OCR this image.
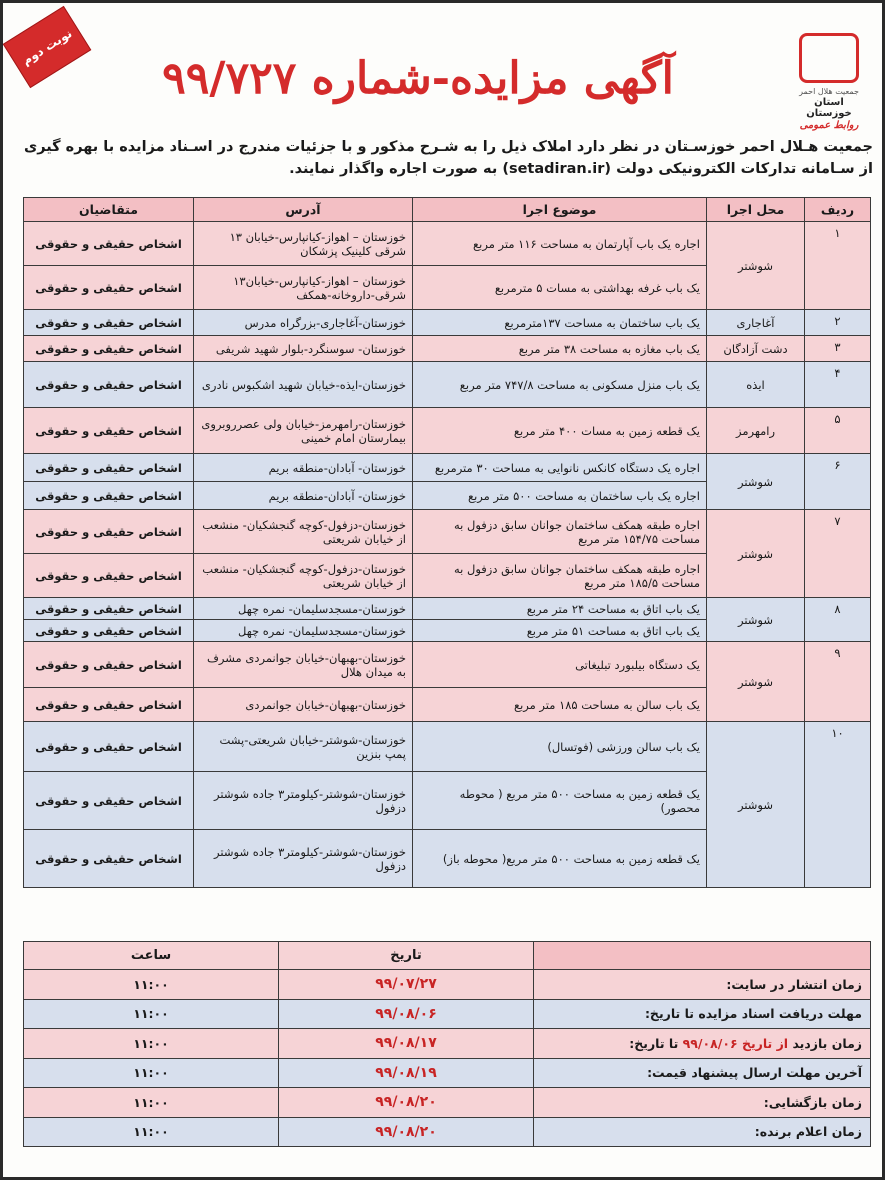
نوبت دوم
آگهی مزایده-شماره ۹۹/۷۲۷	جمعیت هلال احمر
استان خوزستان
روابط عمومی
جمعیت هـلال احمر خوزسـتان در نظر دارد املاک ذیل را به شـرح مذکور و با جزئیات مندرج در اسـناد مزایده با بهره گیری از سـامانه تدارکات الکترونیکی دولت (setadiran.ir) به صورت اجاره واگذار نمایند.
ردیف	محل اجرا	موضوع اجرا	آدرس	متقاضیان
۱	شوشتر	اجاره یک باب آپارتمان به مساحت ۱۱۶ متر مربع	خوزستان – اهواز-کیانپارس-خیابان ۱۳ شرقی کلینیک پزشکان	اشخاص حقیقی و حقوقی
		یک باب غرفه بهداشتی به مسات ۵ مترمربع	خوزستان – اهواز-کیانپارس-خیابان۱۳ شرقی-داروخانه-همکف	اشخاص حقیقی و حقوقی
۲	آغاجاری	یک باب ساختمان به مساحت ۱۳۷مترمربع	خوزستان-آغاجاری-بزرگراه مدرس	اشخاص حقیقی و حقوقی
۳	دشت آزادگان	یک باب مغازه به مساحت ۳۸ متر مربع	خوزستان- سوسنگرد-بلوار شهید شریفی	اشخاص حقیقی و حقوقی
۴	ایذه	یک باب منزل مسکونی به مساحت ۷۴۷/۸ متر مربع	خوزستان-ایذه-خیابان شهید اشکبوس نادری	اشخاص حقیقی و حقوقی
۵	رامهرمز	یک قطعه زمین به مسات ۴۰۰ متر مربع	خوزستان-رامهرمز-خیابان ولی عصرروبروی بیمارستان امام خمینی	اشخاص حقیقی و حقوقی
۶	شوشتر	اجاره یک دستگاه کانکس نانوایی به مساحت ۳۰ مترمربع	خوزستان- آبادان-منطقه بریم	اشخاص حقیقی و حقوقی
		اجاره یک باب ساختمان به مساحت ۵۰۰ متر مربع	خوزستان- آبادان-منطقه بریم	اشخاص حقیقی و حقوقی
۷	شوشتر	اجاره طبقه همکف ساختمان جوانان سابق دزفول به مساحت ۱۵۴/۷۵ متر مربع	خوزستان-دزفول-کوچه گنجشکیان- منشعب از خیابان شریعتی	اشخاص حقیقی و حقوقی
		اجاره طبقه همکف ساختمان جوانان سابق دزفول به مساحت ۱۸۵/۵ متر مربع	خوزستان-دزفول-کوچه گنجشکیان- منشعب از خیابان شریعتی	اشخاص حقیقی و حقوقی
۸	شوشتر	یک باب اتاق به مساحت ۲۴ متر مربع	خوزستان-مسجدسلیمان- نمره چهل	اشخاص حقیقی و حقوقی
		یک باب اتاق به مساحت ۵۱ متر مربع	خوزستان-مسجدسلیمان- نمره چهل	اشخاص حقیقی و حقوقی
۹	شوشتر	یک دستگاه بیلبورد تبلیغاتی	خوزستان-بهبهان-خیابان جوانمردی مشرف به میدان هلال	اشخاص حقیقی و حقوقی
		یک باب سالن به مساحت ۱۸۵ متر مربع	خوزستان-بهبهان-خیابان جوانمردی	اشخاص حقیقی و حقوقی
۱۰	شوشتر	یک باب سالن ورزشی (فوتسال)	خوزستان-شوشتر-خیابان شریعتی-پشت پمپ بنزین	اشخاص حقیقی و حقوقی
		یک قطعه زمین به مساحت ۵۰۰ متر مربع ( محوطه محصور)	خوزستان-شوشتر-کیلومتر۳ جاده شوشتر دزفول	اشخاص حقیقی و حقوقی
		یک قطعه زمین به مساحت ۵۰۰ متر مربع( محوطه باز)	خوزستان-شوشتر-کیلومتر۳ جاده شوشتر دزفول	اشخاص حقیقی و حقوقی
	تاریخ	ساعت
زمان انتشار در سایت:	۹۹/۰۷/۲۷	۱۱:۰۰
مهلت دریافت اسناد مزایده تا تاریخ:	۹۹/۰۸/۰۶	۱۱:۰۰
زمان بازدید از تاریخ ۹۹/۰۸/۰۶ تا تاریخ:	۹۹/۰۸/۱۷	۱۱:۰۰
آخرین مهلت ارسال پیشنهاد قیمت:	۹۹/۰۸/۱۹	۱۱:۰۰
زمان بازگشایی:	۹۹/۰۸/۲۰	۱۱:۰۰
زمان اعلام برنده:	۹۹/۰۸/۲۰	۱۱:۰۰
